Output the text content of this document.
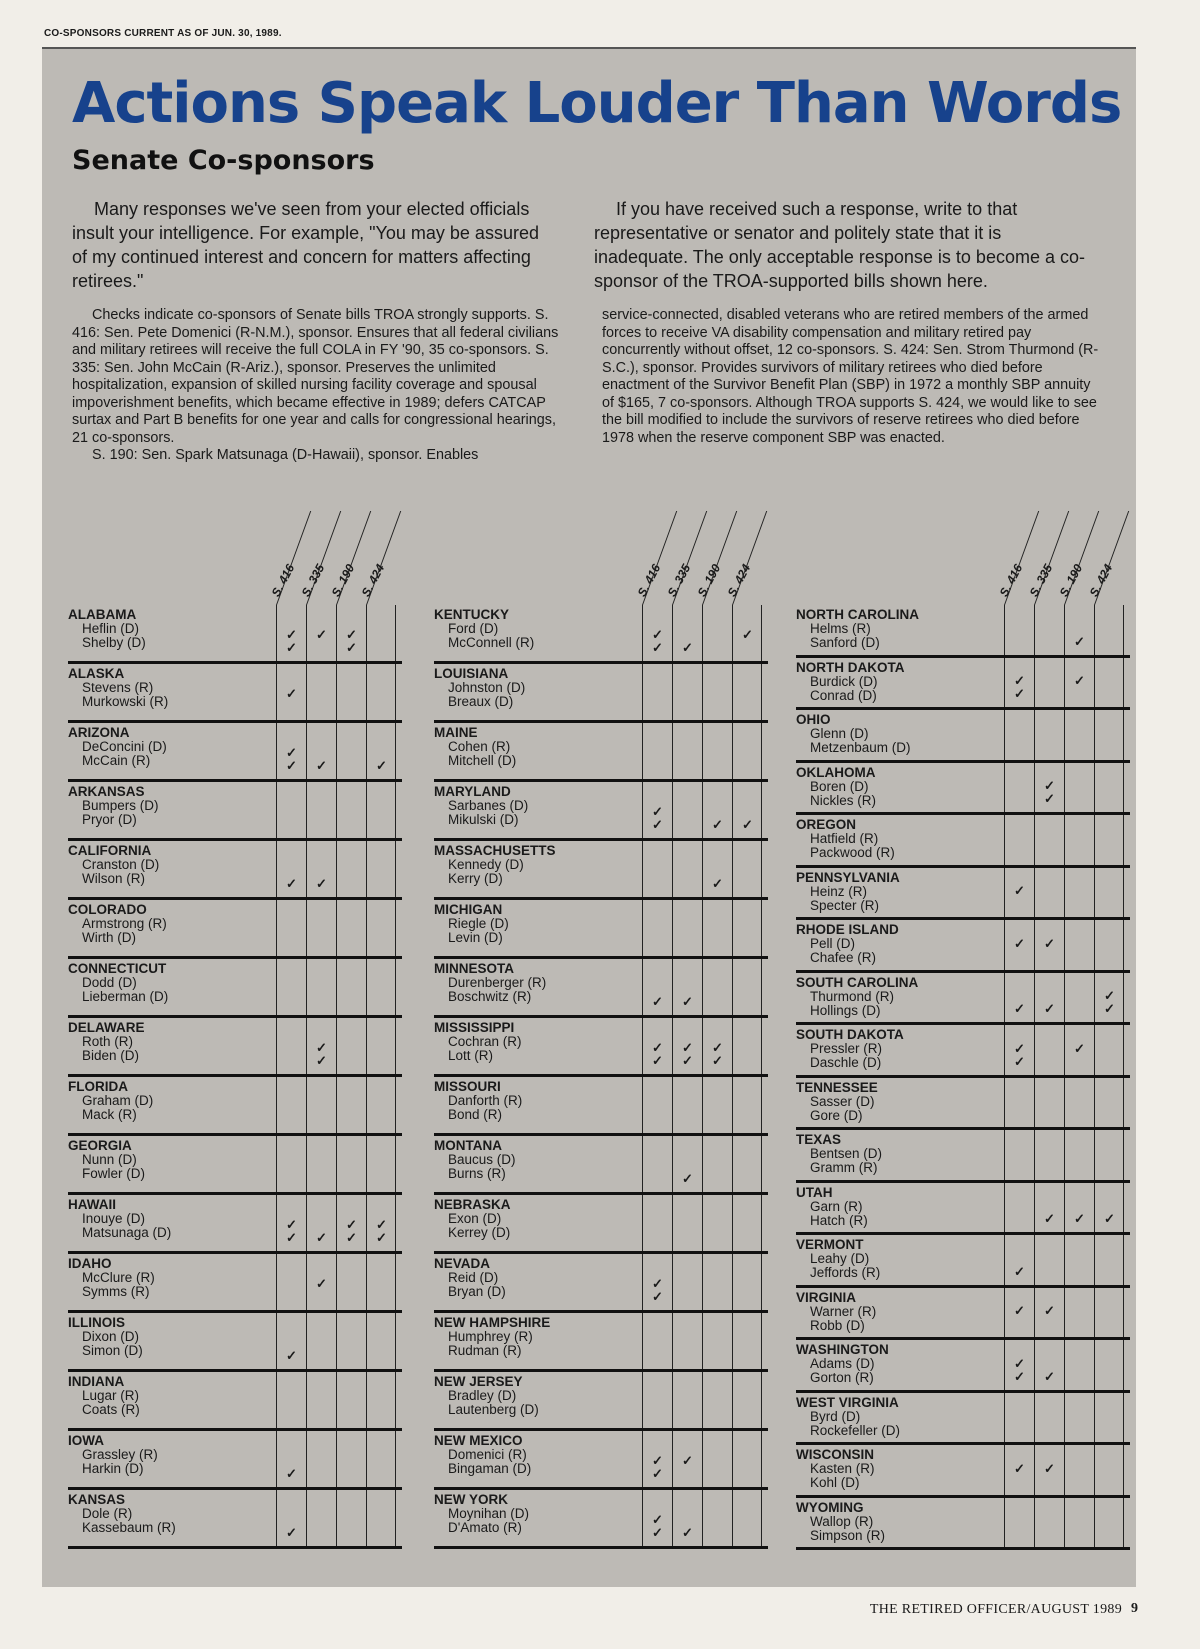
CO-SPONSORS CURRENT AS OF JUN. 30, 1989.
Actions Speak Louder Than Words
Senate Co-sponsors
Many responses we've seen from your elected officials insult your intelligence. For example, "You may be assured of my continued interest and concern for matters affecting retirees."
If you have received such a response, write to that representative or senator and politely state that it is inadequate. The only acceptable response is to become a co-sponsor of the TROA-supported bills shown here.

Checks indicate co-sponsors of Senate bills TROA strongly supports. S. 416: Sen. Pete Domenici (R-N.M.), sponsor. Ensures that all federal civilians and military retirees will receive the full COLA in FY '90, 35 co-sponsors. S. 335: Sen. John McCain (R-Ariz.), sponsor. Preserves the unlimited hospitalization, expansion of skilled nursing facility coverage and spousal impoverishment benefits, which became effective in 1989; defers CATCAP surtax and Part B benefits for one year and calls for congressional hearings, 21 co-sponsors.

S. 190: Sen. Spark Matsunaga (D-Hawaii), sponsor. Enables

service-connected, disabled veterans who are retired members of the armed forces to receive VA disability compensation and military retired pay concurrently without offset, 12 co-sponsors. S. 424: Sen. Strom Thurmond (R-S.C.), sponsor. Provides survivors of military retirees who died before enactment of the Survivor Benefit Plan (SBP) in 1972 a monthly SBP annuity of $165, 7 co-sponsors. Although TROA supports S. 424, we would like to see the bill modified to include the survivors of reserve retirees who died before 1978 when the reserve component SBP was enacted.

S. 416 S. 335 S. 190 S. 424
✓
✓
✓ ✓
✓
ALABAMA
Heflin (D)
Shelby (D)
✓
ALASKA
Stevens (R)
Murkowski (R)
✓
✓ ✓	✓
ARIZONA
DeConcini (D)
McCain (R)
ARKANSAS
Bumpers (D)
Pryor (D)
✓ ✓
CALIFORNIA
Cranston (D)
Wilson (R)
COLORADO
Armstrong (R)
Wirth (D)
CONNECTICUT
Dodd (D)
Lieberman (D)
✓
✓
DELAWARE
Roth (R)
Biden (D)
FLORIDA
Graham (D)
Mack (R)
GEORGIA
Nunn (D)
Fowler (D)
✓
✓ ✓
✓
✓
✓
✓
HAWAII
Inouye (D)
Matsunaga (D)
✓
IDAHO
McClure (R)
Symms (R)
✓
ILLINOIS
Dixon (D)
Simon (D)
INDIANA
Lugar (R)
Coats (R)
✓
IOWA
Grassley (R)
Harkin (D)
✓
KANSAS
Dole (R)
Kassebaum (R)
S. 416 S. 335 S. 190 S. 424
✓
✓ ✓
✓
KENTUCKY
Ford (D)
McConnell (R)
LOUISIANA
Johnston (D)
Breaux (D)
MAINE
Cohen (R)
Mitchell (D)
✓
✓	✓ ✓
MARYLAND
Sarbanes (D)
Mikulski (D)
✓
MASSACHUSETTS
Kennedy (D)
Kerry (D)
MICHIGAN
Riegle (D)
Levin (D)
✓ ✓
MINNESOTA
Durenberger (R)
Boschwitz (R)
✓
✓
✓
✓
✓
✓
MISSISSIPPI
Cochran (R)
Lott (R)
MISSOURI
Danforth (R)
Bond (R)
✓
MONTANA
Baucus (D)
Burns (R)
NEBRASKA
Exon (D)
Kerrey (D)
✓
✓
NEVADA
Reid (D)
Bryan (D)
NEW HAMPSHIRE
Humphrey (R)
Rudman (R)
NEW JERSEY
Bradley (D)
Lautenberg (D)
✓
✓
✓
NEW MEXICO
Domenici (R)
Bingaman (D)
✓
✓ ✓
NEW YORK
Moynihan (D)
D'Amato (R)
S. 416 S. 335 S. 190 S. 424
✓
NORTH CAROLINA
Helms (R)
Sanford (D)
✓
✓
✓
NORTH DAKOTA
Burdick (D)
Conrad (D)
OHIO
Glenn (D)
Metzenbaum (D)
✓
✓
OKLAHOMA
Boren (D)
Nickles (R)
OREGON
Hatfield (R)
Packwood (R)
✓
PENNSYLVANIA
Heinz (R)
Specter (R)
✓ ✓
RHODE ISLAND
Pell (D)
Chafee (R)
✓ ✓
✓
✓
SOUTH CAROLINA
Thurmond (R)
Hollings (D)
✓
✓
✓
SOUTH DAKOTA
Pressler (R)
Daschle (D)
TENNESSEE
Sasser (D)
Gore (D)
TEXAS
Bentsen (D)
Gramm (R)
✓ ✓ ✓
UTAH
Garn (R)
Hatch (R)
✓
VERMONT
Leahy (D)
Jeffords (R)
✓ ✓
VIRGINIA
Warner (R)
Robb (D)
✓
✓ ✓
WASHINGTON
Adams (D)
Gorton (R)
WEST VIRGINIA
Byrd (D)
Rockefeller (D)
✓ ✓
WISCONSIN
Kasten (R)
Kohl (D)
WYOMING
Wallop (R)
Simpson (R)
THE RETIRED OFFICER/AUGUST 1989 9
